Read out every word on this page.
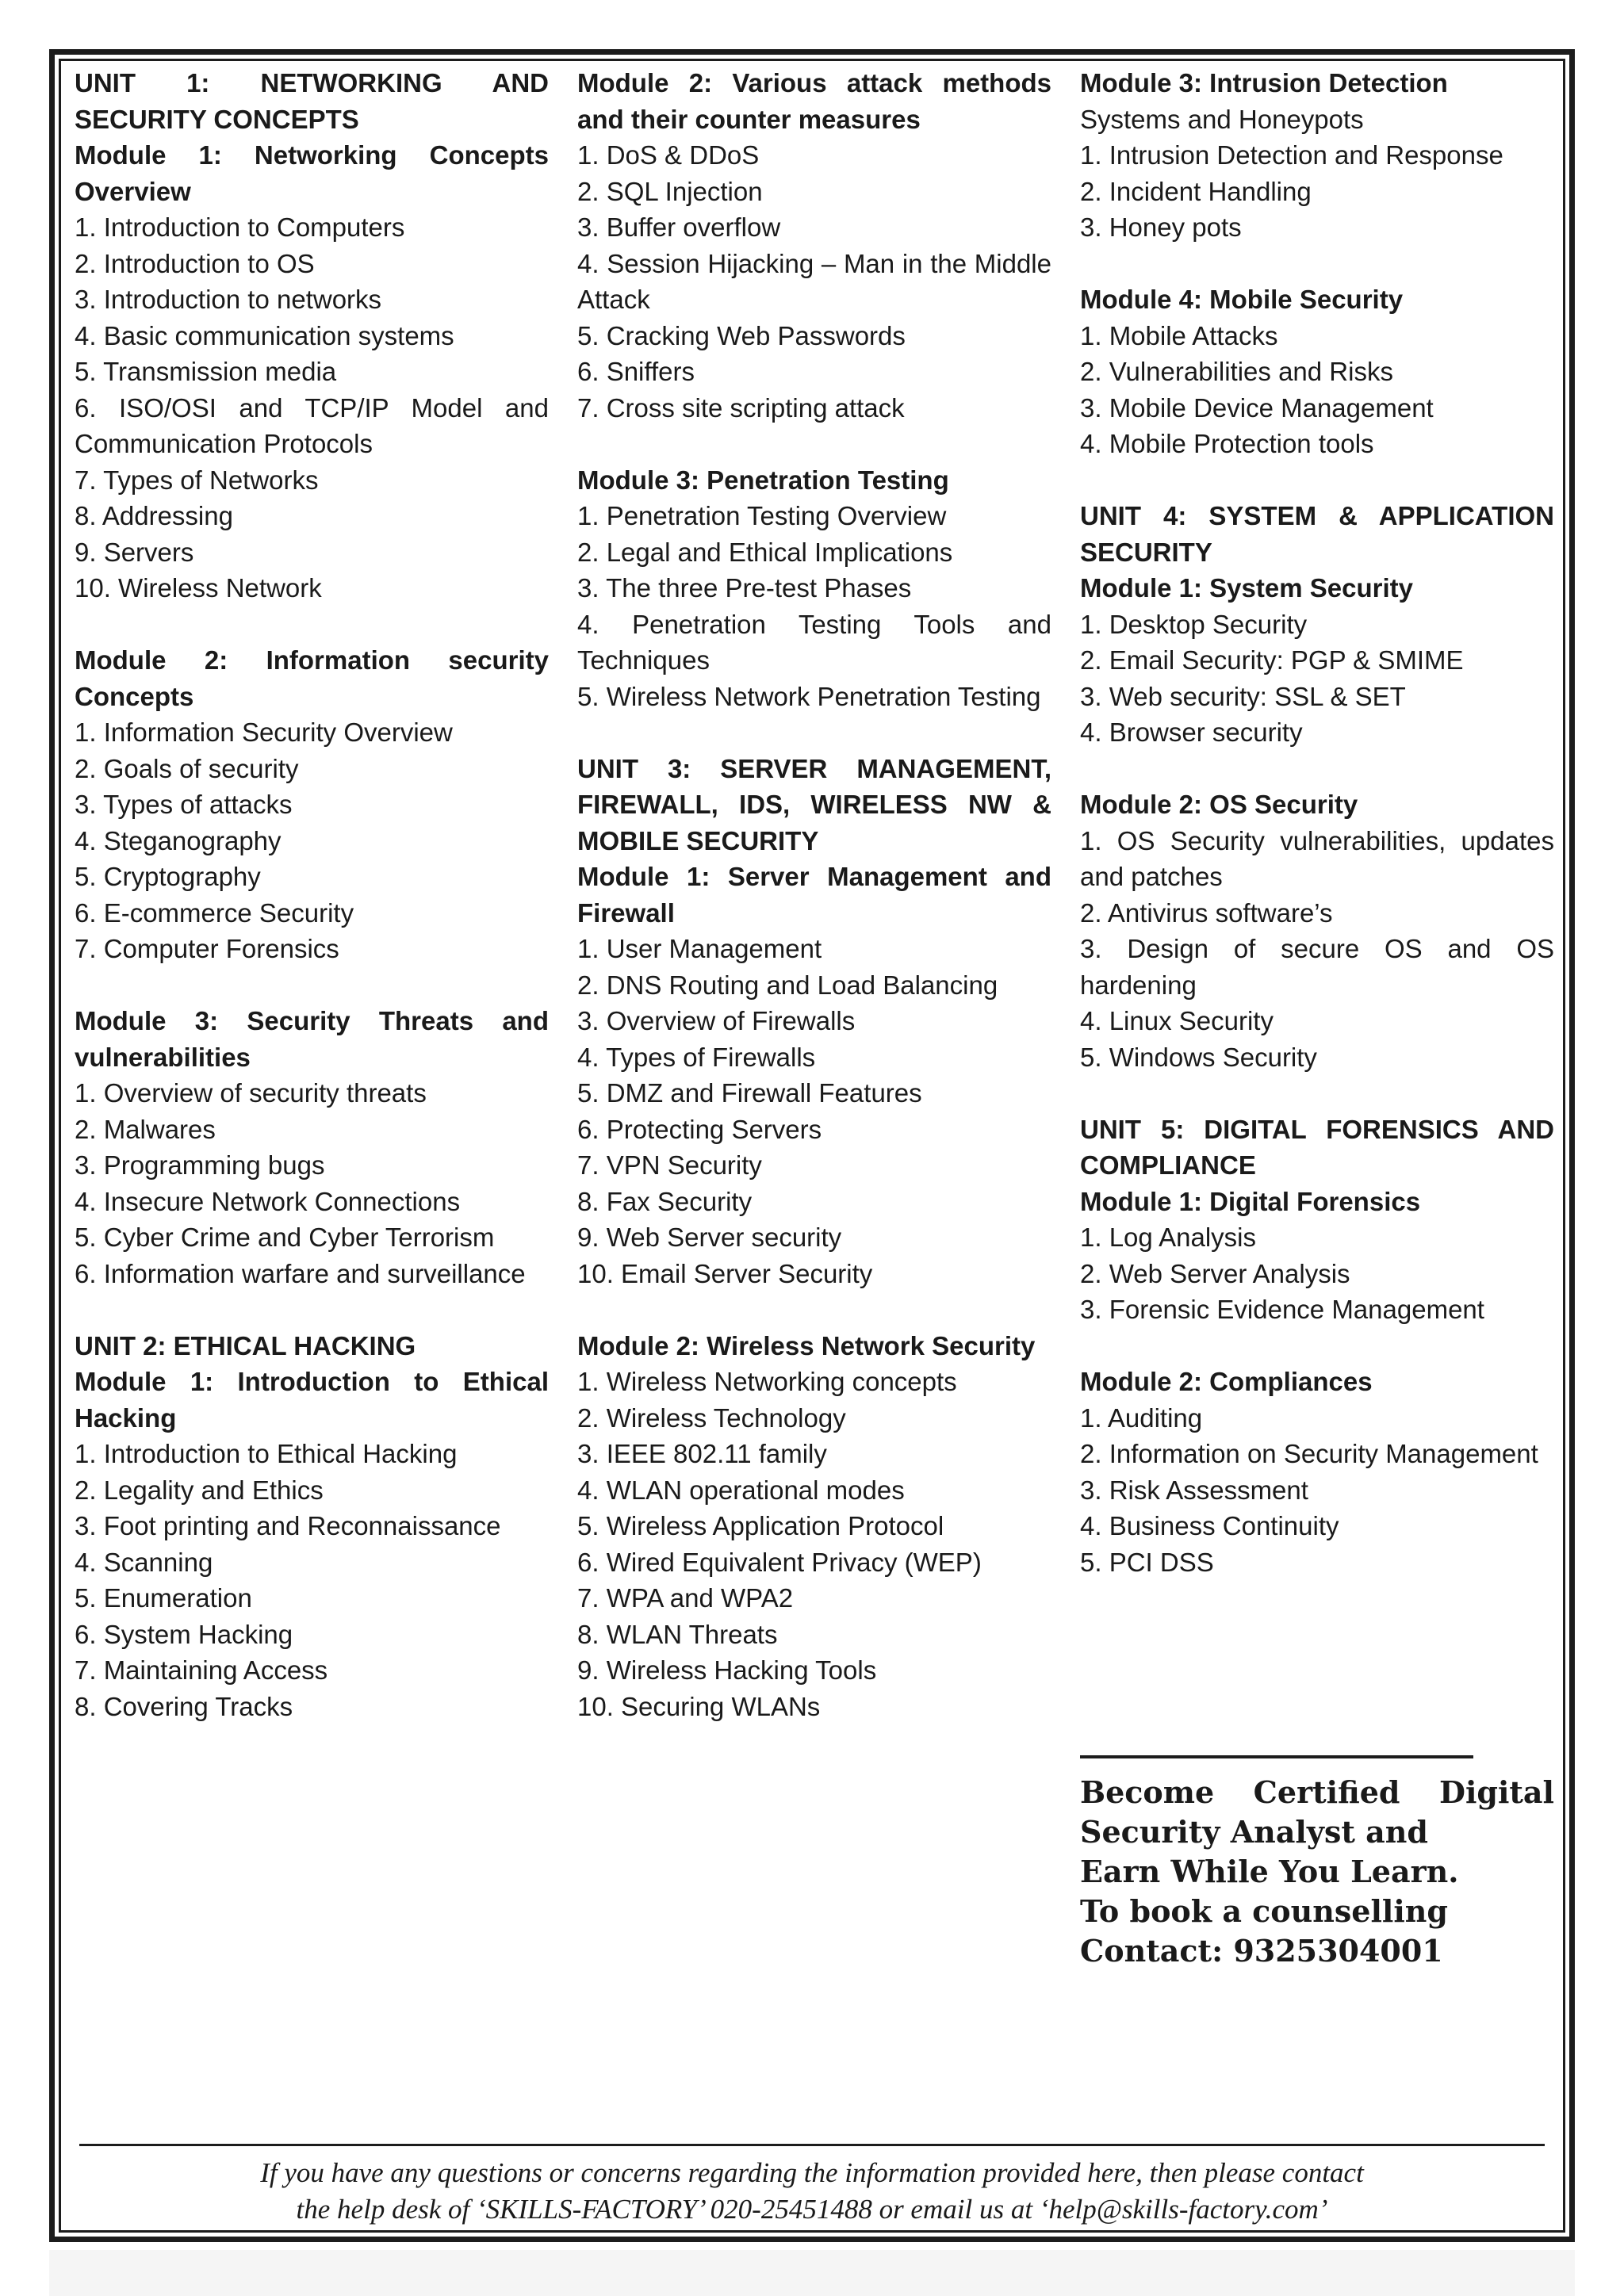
UNIT 1: NETWORKING AND SECURITY CONCEPTS

Module 1: Networking Concepts Overview

1. Introduction to Computers

2. Introduction to OS

3. Introduction to networks

4. Basic communication systems

5. Transmission media

6. ISO/OSI and TCP/IP Model and Communication Protocols

7. Types of Networks

8. Addressing

9. Servers

10. Wireless Network

Module 2: Information security Concepts

1. Information Security Overview

2. Goals of security

3. Types of attacks

4. Steganography

5. Cryptography

6. E-commerce Security

7. Computer Forensics

Module 3: Security Threats and vulnerabilities

1. Overview of security threats

2. Malwares

3. Programming bugs

4. Insecure Network Connections

5. Cyber Crime and Cyber Terrorism

6. Information warfare and surveillance

UNIT 2: ETHICAL HACKING

Module 1: Introduction to Ethical Hacking

1. Introduction to Ethical Hacking

2. Legality and Ethics

3. Foot printing and Reconnaissance

4. Scanning

5. Enumeration

6. System Hacking

7. Maintaining Access

8. Covering Tracks

Module 2: Various attack methods and their counter measures

1. DoS & DDoS

2. SQL Injection

3. Buffer overflow

4. Session Hijacking – Man in the Middle Attack

5. Cracking Web Passwords

6. Sniffers

7. Cross site scripting attack

Module 3: Penetration Testing

1. Penetration Testing Overview

2. Legal and Ethical Implications

3. The three Pre-test Phases

4. Penetration Testing Tools and Techniques

5. Wireless Network Penetration Testing

UNIT 3: SERVER MANAGEMENT, FIREWALL, IDS, WIRELESS NW & MOBILE SECURITY

Module 1: Server Management and Firewall

1. User Management

2. DNS Routing and Load Balancing

3. Overview of Firewalls

4. Types of Firewalls

5. DMZ and Firewall Features

6. Protecting Servers

7. VPN Security

8. Fax Security

9. Web Server security

10. Email Server Security

Module 2: Wireless Network Security

1. Wireless Networking concepts

2. Wireless Technology

3. IEEE 802.11 family

4. WLAN operational modes

5. Wireless Application Protocol

6. Wired Equivalent Privacy (WEP)

7. WPA and WPA2

8. WLAN Threats

9. Wireless Hacking Tools

10. Securing WLANs

Module 3: Intrusion Detection

Systems and Honeypots

1. Intrusion Detection and Response

2. Incident Handling

3. Honey pots

Module 4: Mobile Security

1. Mobile Attacks

2. Vulnerabilities and Risks

3. Mobile Device Management

4. Mobile Protection tools

UNIT 4: SYSTEM & APPLICATION SECURITY

Module 1: System Security

1. Desktop Security

2. Email Security: PGP & SMIME

3. Web security: SSL & SET

4. Browser security

Module 2: OS Security

1. OS Security vulnerabilities, updates and patches

2. Antivirus software’s

3. Design of secure OS and OS hardening

4. Linux Security

5. Windows Security

UNIT 5: DIGITAL FORENSICS AND COMPLIANCE

Module 1: Digital Forensics

1. Log Analysis

2. Web Server Analysis

3. Forensic Evidence Management

Module 2: Compliances

1. Auditing

2. Information on Security Management

3. Risk Assessment

4. Business Continuity

5. PCI DSS

Become Certified Digital
Security Analyst and
Earn While You Learn.
To book a counselling
Contact: 9325304001

If you have any questions or concerns regarding the information provided here, then please contact
the help desk of ‘SKILLS-FACTORY’ 020-25451488 or email us at ‘help@skills-factory.com’
